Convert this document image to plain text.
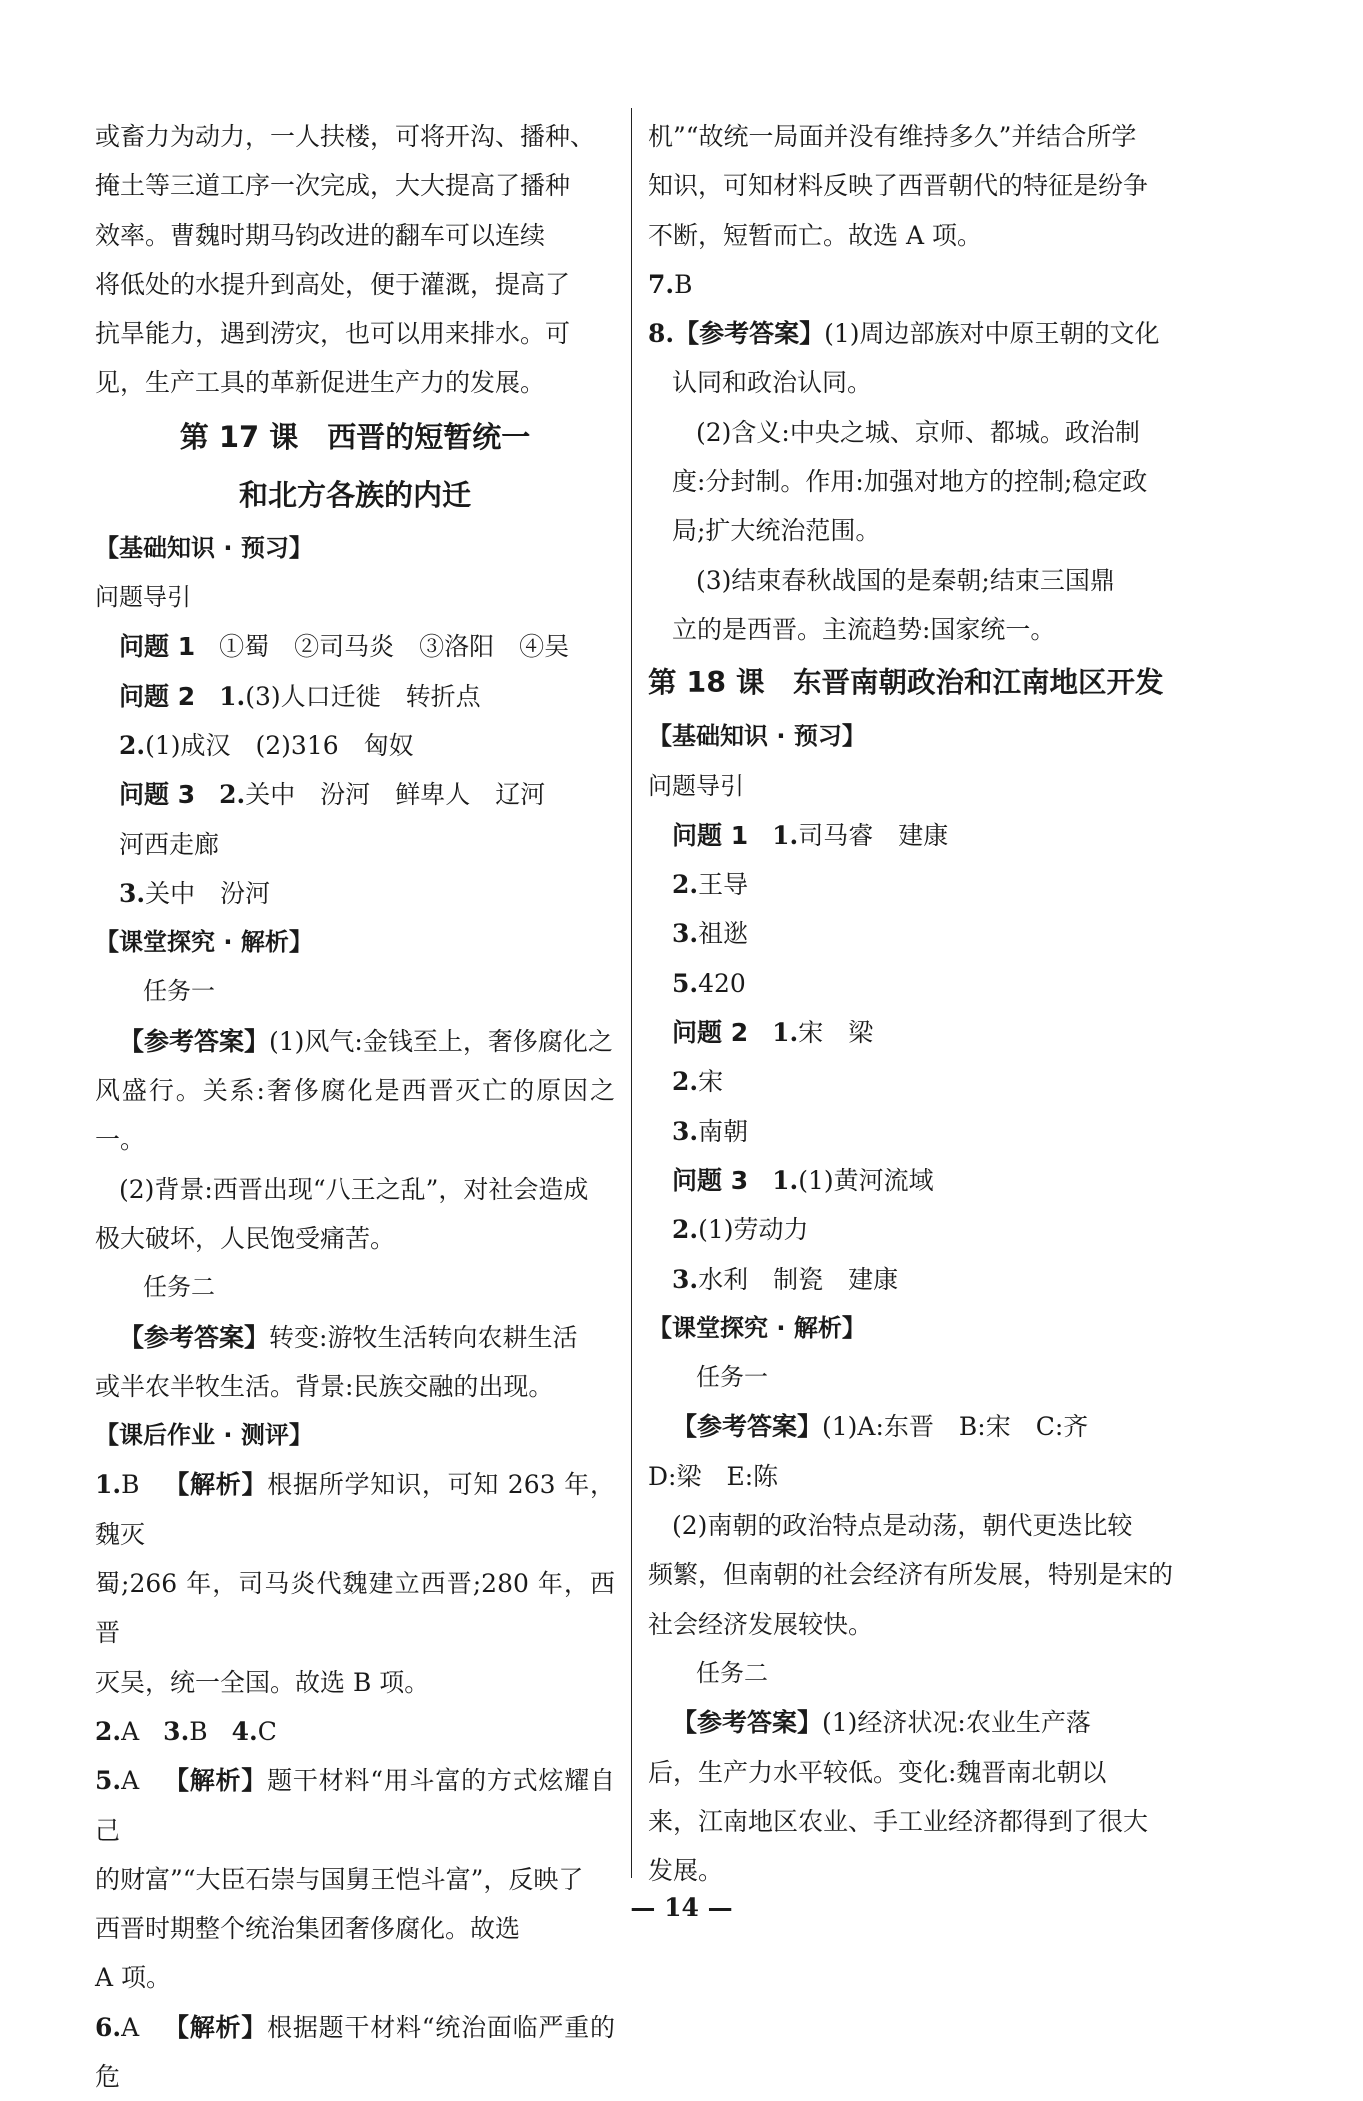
或畜力为动力，一人扶楼，可将开沟、播种、

掩土等三道工序一次完成，大大提高了播种

效率。曹魏时期马钧改进的翻车可以连续

将低处的水提升到高处，便于灌溉，提高了

抗旱能力，遇到涝灾，也可以用来排水。可

见，生产工具的革新促进生产力的发展。

第 17 课　西晋的短暂统一

和北方各族的内迁

【基础知识 · 预习】

问题导引

问题 1 ①蜀　②司马炎　③洛阳　④吴

问题 2 1.(3)人口迁徙　转折点

2.(1)成汉　(2)316　匈奴

问题 3 2.关中　汾河　鲜卑人　辽河

河西走廊

3.关中　汾河

【课堂探究 · 解析】

任务一

【参考答案】(1)风气:金钱至上，奢侈腐化之

风盛行。关系:奢侈腐化是西晋灭亡的原因之一。

(2)背景:西晋出现“八王之乱”，对社会造成

极大破坏，人民饱受痛苦。

任务二

【参考答案】转变:游牧生活转向农耕生活

或半农半牧生活。背景:民族交融的出现。

【课后作业 · 测评】

1.B 【解析】根据所学知识，可知 263 年，魏灭

蜀;266 年，司马炎代魏建立西晋;280 年，西晋

灭吴，统一全国。故选 B 项。

2.A 3.B 4.C

5.A 【解析】题干材料“用斗富的方式炫耀自己

的财富”“大臣石崇与国舅王恺斗富”，反映了

西晋时期整个统治集团奢侈腐化。故选

A 项。

6.A 【解析】根据题干材料“统治面临严重的危

机”“故统一局面并没有维持多久”并结合所学

知识，可知材料反映了西晋朝代的特征是纷争

不断，短暂而亡。故选 A 项。

7.B

8.【参考答案】(1)周边部族对中原王朝的文化

认同和政治认同。

(2)含义:中央之城、京师、都城。政治制

度:分封制。作用:加强对地方的控制;稳定政

局;扩大统治范围。

(3)结束春秋战国的是秦朝;结束三国鼎

立的是西晋。主流趋势:国家统一。

第 18 课　东晋南朝政治和江南地区开发

【基础知识 · 预习】

问题导引

问题 1 1.司马睿　建康

2.王导

3.祖逖

5.420

问题 2 1.宋　梁

2.宋

3.南朝

问题 3 1.(1)黄河流域

2.(1)劳动力

3.水利　制瓷　建康

【课堂探究 · 解析】

任务一

【参考答案】(1)A:东晋　B:宋　C:齐

D:梁　E:陈

(2)南朝的政治特点是动荡，朝代更迭比较

频繁，但南朝的社会经济有所发展，特别是宋的

社会经济发展较快。

任务二

【参考答案】(1)经济状况:农业生产落

后，生产力水平较低。变化:魏晋南北朝以

来，江南地区农业、手工业经济都得到了很大

发展。

— 14 —
